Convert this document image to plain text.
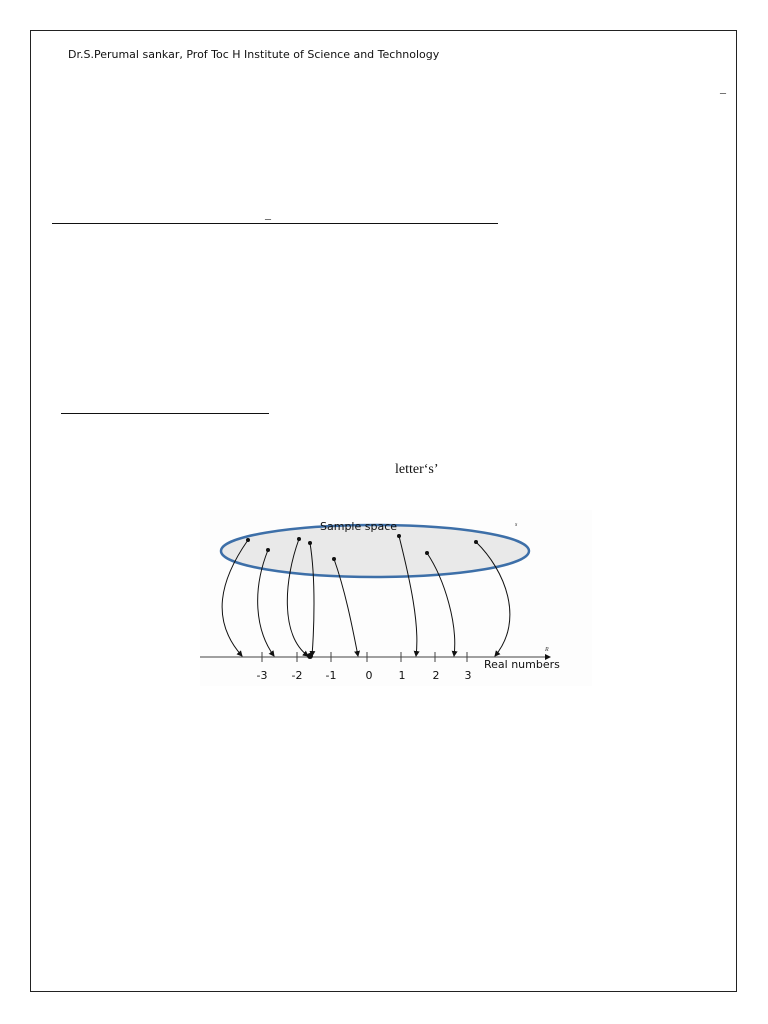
Dr.S.Perumal sankar, Prof Toc H Institute of Science and Technology
–
–
letter‘s’
Sample space	s
R
Real numbers
-3 -2 -1	0 1 2 3
